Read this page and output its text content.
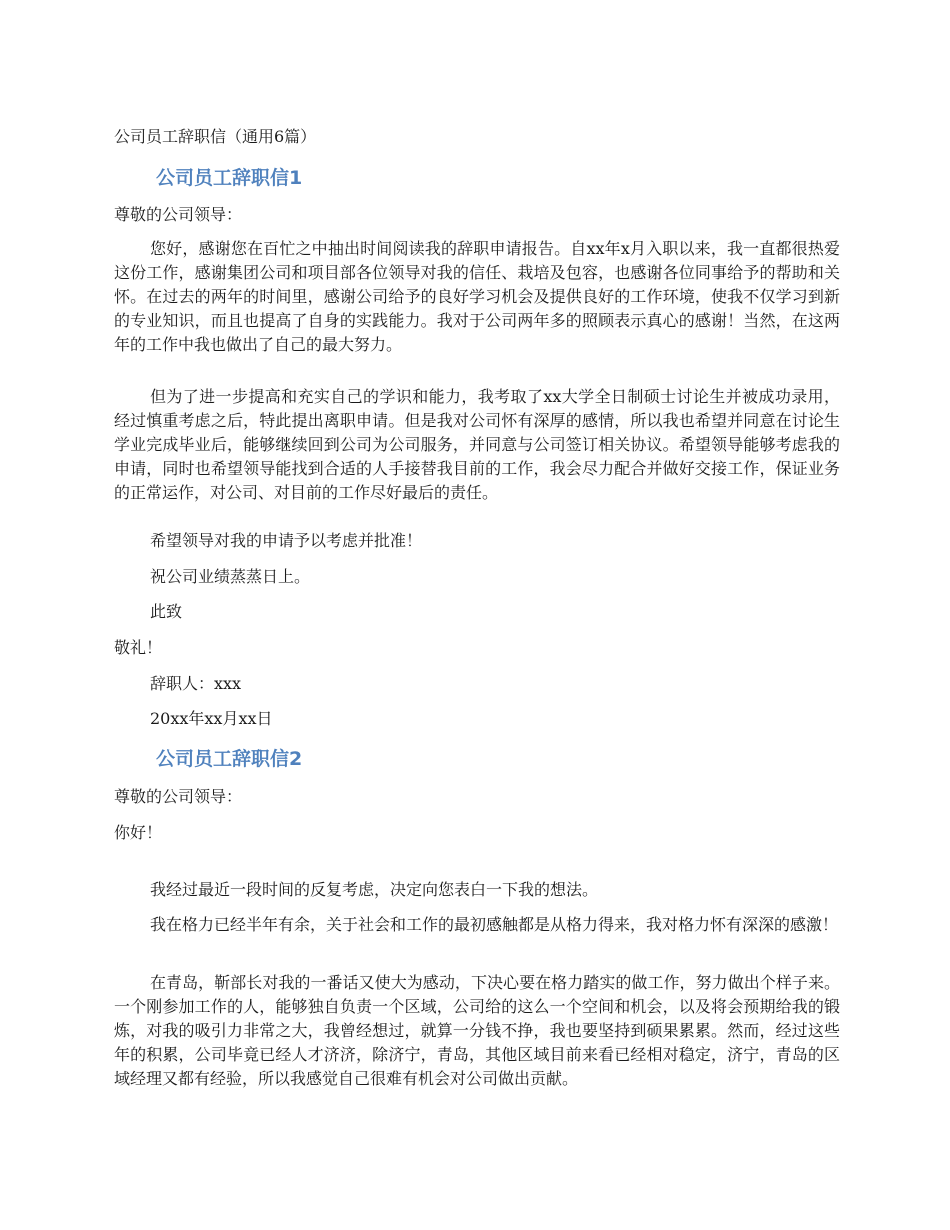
公司员工辞职信（通用6篇）
公司员工辞职信1
尊敬的公司领导：

您好，感谢您在百忙之中抽出时间阅读我的辞职申请报告。自xx年x月入职以来，我一直都很热爱这份工作，感谢集团公司和项目部各位领导对我的信任、栽培及包容，也感谢各位同事给予的帮助和关怀。在过去的两年的时间里，感谢公司给予的良好学习机会及提供良好的工作环境，使我不仅学习到新的专业知识，而且也提高了自身的实践能力。我对于公司两年多的照顾表示真心的感谢！当然，在这两年的工作中我也做出了自己的最大努力。

但为了进一步提高和充实自己的学识和能力，我考取了xx大学全日制硕士讨论生并被成功录用，经过慎重考虑之后，特此提出离职申请。但是我对公司怀有深厚的感情，所以我也希望并同意在讨论生学业完成毕业后，能够继续回到公司为公司服务，并同意与公司签订相关协议。希望领导能够考虑我的申请，同时也希望领导能找到合适的人手接替我目前的工作，我会尽力配合并做好交接工作，保证业务的正常运作，对公司、对目前的工作尽好最后的责任。

希望领导对我的申请予以考虑并批准！
祝公司业绩蒸蒸日上。
此致
敬礼！
辞职人：xxx
20xx年xx月xx日
公司员工辞职信2
尊敬的公司领导：
你好！
我经过最近一段时间的反复考虑，决定向您表白一下我的想法。

我在格力已经半年有余，关于社会和工作的最初感触都是从格力得来，我对格力怀有深深的感激！

在青岛，靳部长对我的一番话又使大为感动，下决心要在格力踏实的做工作，努力做出个样子来。一个刚参加工作的人，能够独自负责一个区域，公司给的这么一个空间和机会，以及将会预期给我的锻炼，对我的吸引力非常之大，我曾经想过，就算一分钱不挣，我也要坚持到硕果累累。然而，经过这些年的积累，公司毕竟已经人才济济，除济宁，青岛，其他区域目前来看已经相对稳定，济宁，青岛的区域经理又都有经验，所以我感觉自己很难有机会对公司做出贡献。
